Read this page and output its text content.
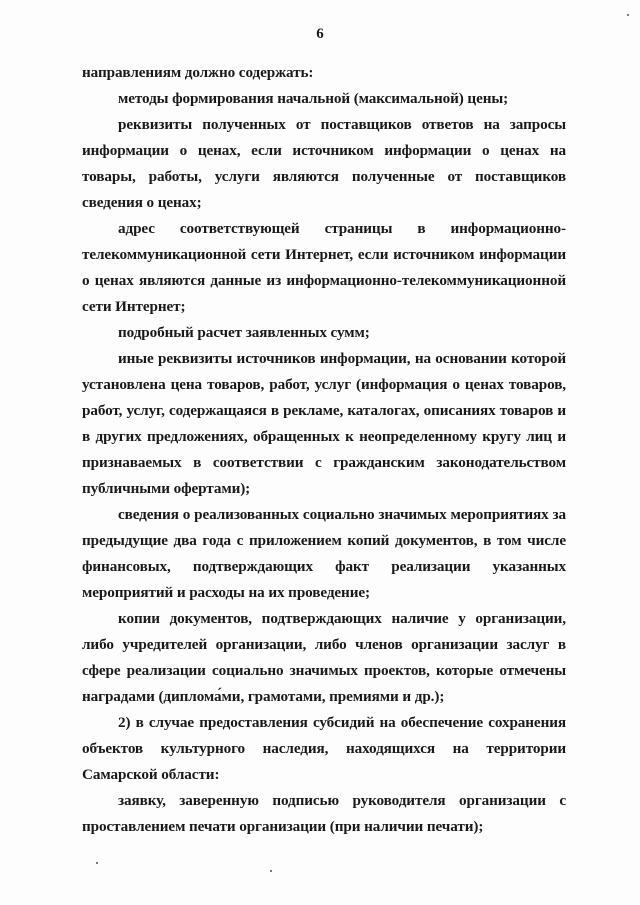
6

направлениям должно содержать:

методы формирования начальной (максимальной) цены;

реквизиты полученных от поставщиков ответов на запросы информации о ценах, если источником информации о ценах на товары, работы, услуги являются полученные от поставщиков сведения о ценах;

адрес соответствующей страницы в информационно-телекоммуникационной сети Интернет, если источником информации о ценах являются данные из информационно-телекоммуникационной сети Интернет;

подробный расчет заявленных сумм;

иные реквизиты источников информации, на основании которой установлена цена товаров, работ, услуг (информация о ценах товаров, работ, услуг, содержащаяся в рекламе, каталогах, описаниях товаров и в других предложениях, обращенных к неопределенному кругу лиц и признаваемых в соответствии с гражданским законодательством публичными офертами);

сведения о реализованных социально значимых мероприятиях за предыдущие два года с приложением копий документов, в том числе финансовых, подтверждающих факт реализации указанных мероприятий и расходы на их проведение;

копии документов, подтверждающих наличие у организации, либо учредителей организации, либо членов организации заслуг в сфере реализации социально значимых проектов, которые отмечены наградами (диплома́ми, грамотами, премиями и др.);

2) в случае предоставления субсидий на обеспечение сохранения объектов культурного наследия, находящихся на территории Самарской области:

заявку, заверенную подписью руководителя организации с проставлением печати организации (при наличии печати);
